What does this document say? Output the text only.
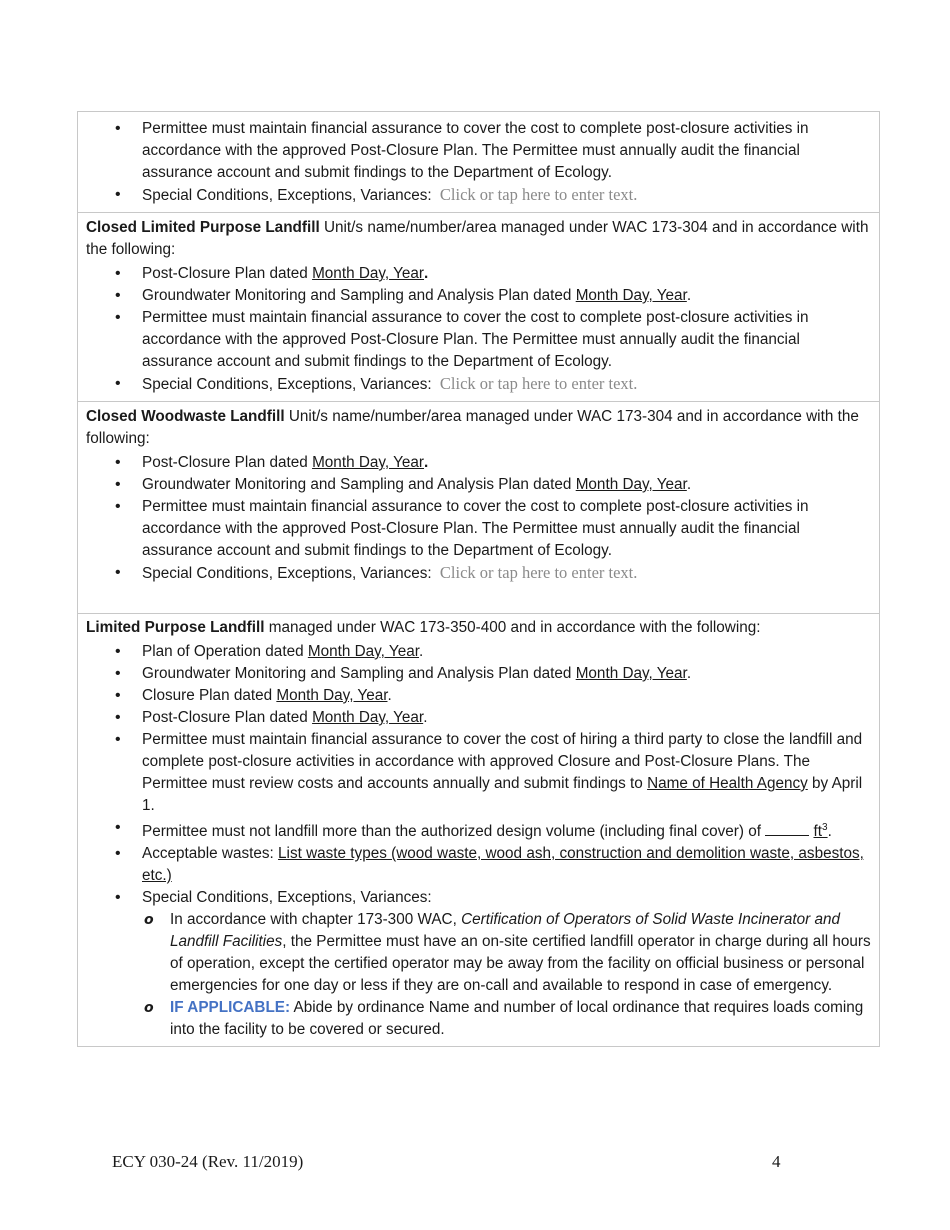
• Permittee must maintain financial assurance to cover the cost to complete post-closure activities in accordance with the approved Post-Closure Plan. The Permittee must annually audit the financial assurance account and submit findings to the Department of Ecology.
• Special Conditions, Exceptions, Variances: Click or tap here to enter text.

Closed Limited Purpose Landfill Unit/s name/number/area managed under WAC 173-304 and in accordance with the following:

• Post-Closure Plan dated Month Day, Year.
• Groundwater Monitoring and Sampling and Analysis Plan dated Month Day, Year.
• Permittee must maintain financial assurance to cover the cost to complete post-closure activities in accordance with the approved Post-Closure Plan. The Permittee must annually audit the financial assurance account and submit findings to the Department of Ecology.
• Special Conditions, Exceptions, Variances: Click or tap here to enter text.

Closed Woodwaste Landfill Unit/s name/number/area managed under WAC 173-304 and in accordance with the following:

• Post-Closure Plan dated Month Day, Year.
• Groundwater Monitoring and Sampling and Analysis Plan dated Month Day, Year.
• Permittee must maintain financial assurance to cover the cost to complete post-closure activities in accordance with the approved Post-Closure Plan. The Permittee must annually audit the financial assurance account and submit findings to the Department of Ecology.
• Special Conditions, Exceptions, Variances: Click or tap here to enter text.

Limited Purpose Landfill managed under WAC 173-350-400 and in accordance with the following:

• Plan of Operation dated Month Day, Year.
• Groundwater Monitoring and Sampling and Analysis Plan dated Month Day, Year.
• Closure Plan dated Month Day, Year.
• Post-Closure Plan dated Month Day, Year.
• Permittee must maintain financial assurance to cover the cost of hiring a third party to close the landfill and complete post-closure activities in accordance with approved Closure and Post-Closure Plans. The Permittee must review costs and accounts annually and submit findings to Name of Health Agency by April 1.
• Permittee must not landfill more than the authorized design volume (including final cover) of	$ft^3$.
• Acceptable wastes: List waste types (wood waste, wood ash, construction and demolition waste, asbestos, etc.)
• Special Conditions, Exceptions, Variances:
o In accordance with chapter 173-300 WAC, Certification of Operators of Solid Waste Incinerator and Landfill Facilities, the Permittee must have an on-site certified landfill operator in charge during all hours of operation, except the certified operator may be away from the facility on official business or personal emergencies for one day or less if they are on-call and available to respond in case of emergency.
o IF APPLICABLE: Abide by ordinance Name and number of local ordinance that requires loads coming into the facility to be covered or secured.
ECY 030-24 (Rev. 11/2019)	4
